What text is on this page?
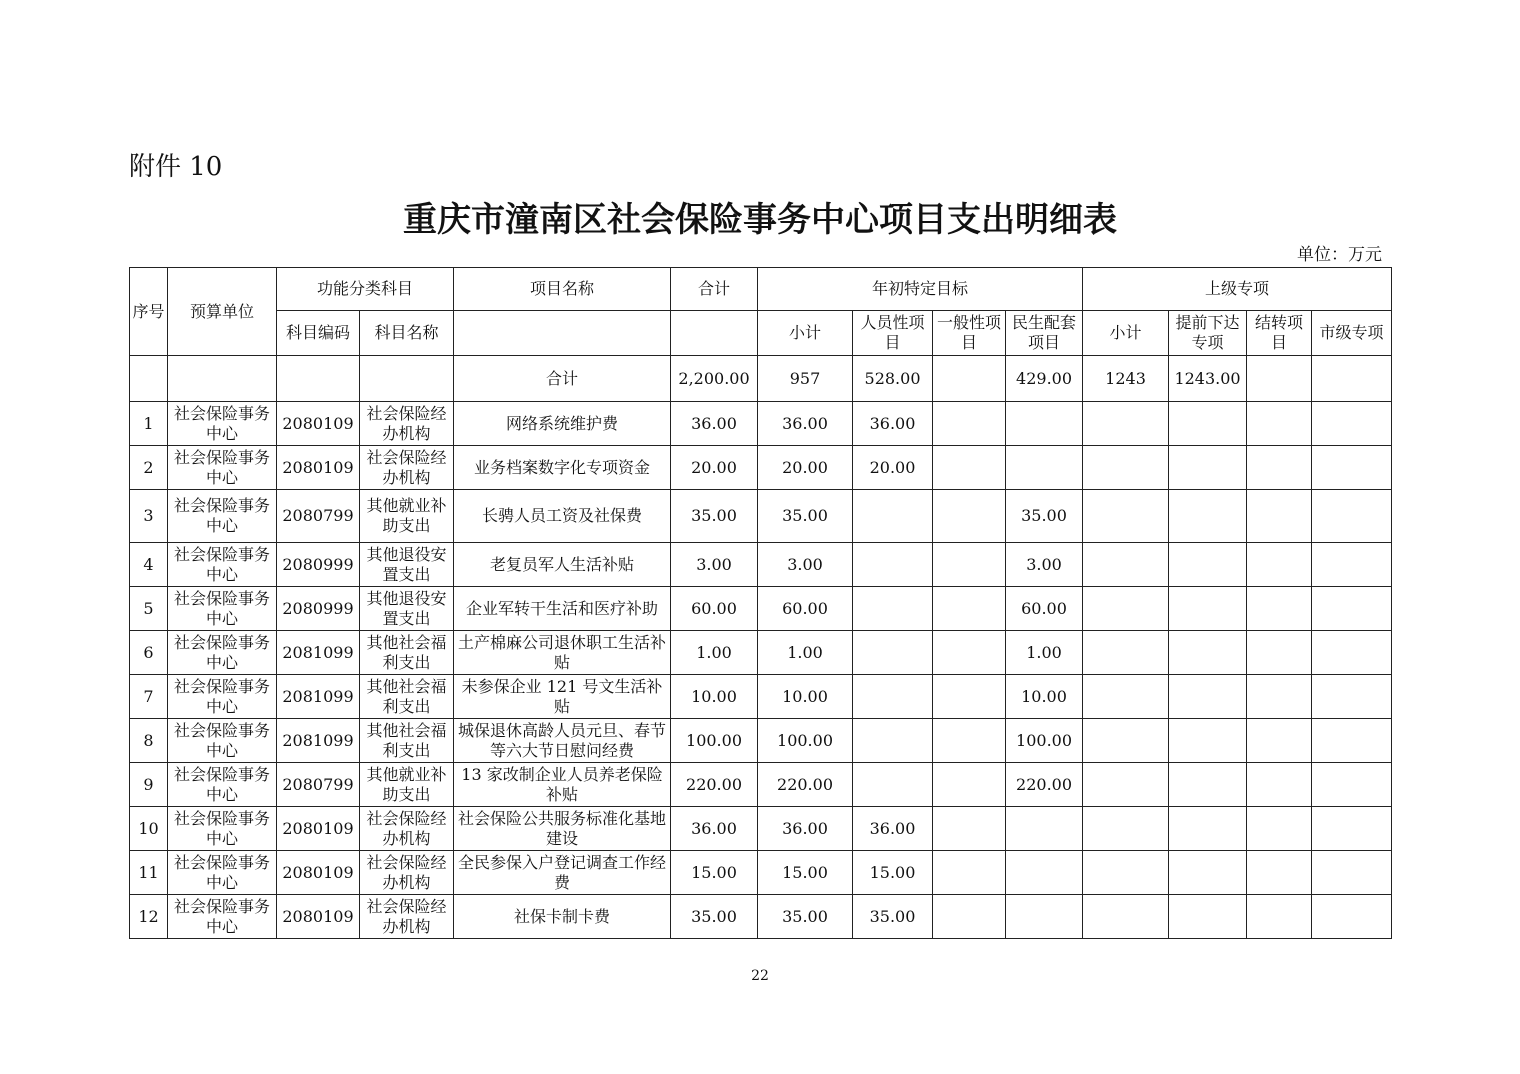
附件 10
重庆市潼南区社会保险事务中心项目支出明细表
单位：万元
序号	预算单位	功能分类科目		项目名称	合计	年初特定目标				上级专项			
		科目编码	科目名称			小计	人员性项目	一般性项目	民生配套项目	小计	提前下达专项	结转项目	市级专项
				合计	2,200.00	957	528.00		429.00	1243	1243.00		
1	社会保险事务中心	2080109	社会保险经办机构	网络系统维护费	36.00	36.00	36.00						
2	社会保险事务中心	2080109	社会保险经办机构	业务档案数字化专项资金	20.00	20.00	20.00						
3	社会保险事务中心	2080799	其他就业补助支出	长骋人员工资及社保费	35.00	35.00			35.00				
4	社会保险事务中心	2080999	其他退役安置支出	老复员军人生活补贴	3.00	3.00			3.00				
5	社会保险事务中心	2080999	其他退役安置支出	企业军转干生活和医疗补助	60.00	60.00			60.00				
6	社会保险事务中心	2081099	其他社会福利支出	土产棉麻公司退休职工生活补贴	1.00	1.00			1.00				
7	社会保险事务中心	2081099	其他社会福利支出	未参保企业 121 号文生活补贴	10.00	10.00			10.00				
8	社会保险事务中心	2081099	其他社会福利支出	城保退休高龄人员元旦、春节等六大节日慰问经费	100.00	100.00			100.00				
9	社会保险事务中心	2080799	其他就业补助支出	13 家改制企业人员养老保险补贴	220.00	220.00			220.00				
10	社会保险事务中心	2080109	社会保险经办机构	社会保险公共服务标准化基地建设	36.00	36.00	36.00						
11	社会保险事务中心	2080109	社会保险经办机构	全民参保入户登记调查工作经费	15.00	15.00	15.00						
12	社会保险事务中心	2080109	社会保险经办机构	社保卡制卡费	35.00	35.00	35.00						
22
